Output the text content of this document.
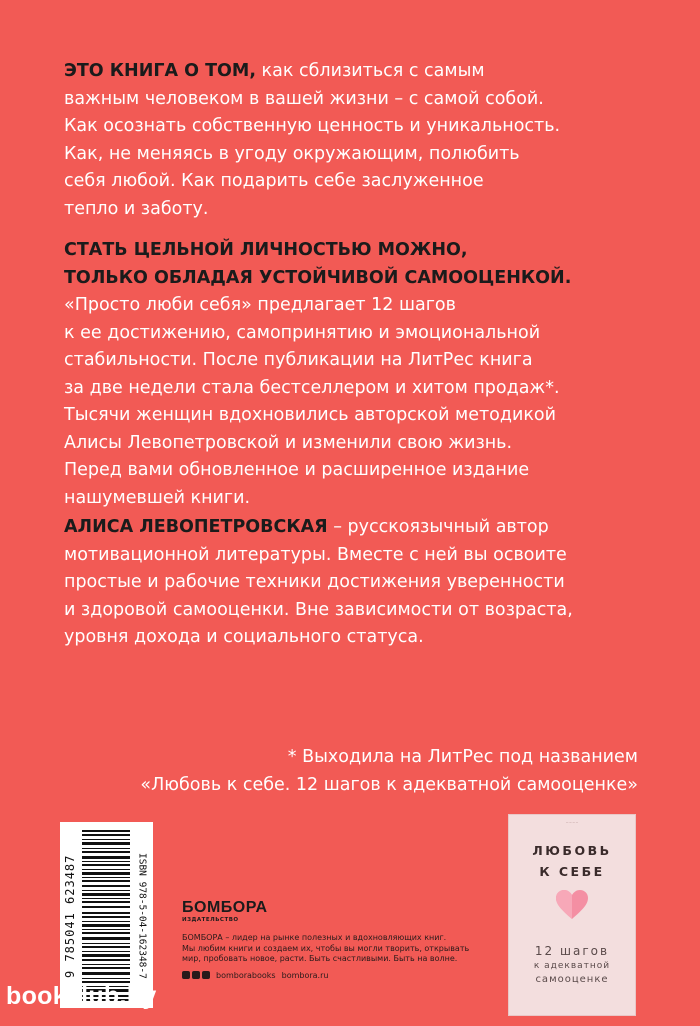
ЭТО КНИГА О ТОМ, как сблизиться с самым
важным человеком в вашей жизни – с самой собой.
Как осознать собственную ценность и уникальность.
Как, не меняясь в угоду окружающим, полюбить
себя любой. Как подарить себе заслуженное
тепло и заботу.
СТАТЬ ЦЕЛЬНОЙ ЛИЧНОСТЬЮ МОЖНО,
ТОЛЬКО ОБЛАДАЯ УСТОЙЧИВОЙ САМООЦЕНКОЙ.
«Просто люби себя» предлагает 12 шагов
к ее достижению, самопринятию и эмоциональной
стабильности. После публикации на ЛитРес книга
за две недели стала бестселлером и хитом продаж*.
Тысячи женщин вдохновились авторской методикой
Алисы Левопетровской и изменили свою жизнь.
Перед вами обновленное и расширенное издание
нашумевшей книги.
АЛИСА ЛЕВОПЕТРОВСКАЯ – русскоязычный автор
мотивационной литературы. Вместе с ней вы освоите
простые и рабочие техники достижения уверенности
и здоровой самооценки. Вне зависимости от возраста,
уровня дохода и социального статуса.
* Выходила на ЛитРес под названием
«Любовь к себе. 12 шагов к адекватной самооценке»
9 785041 623487	ISBN 978-5-04-162348-7 БОМБОРА
ИЗДАТЕЛЬСТВО
БОМБОРА – лидер на рынке полезных и вдохновляющих книг.
Мы любим книги и создаем их, чтобы вы могли творить, открывать
мир, пробовать новое, расти. Быть счастливыми. Быть на волне.
bomborabooks bombora.ru
·········
ЛЮБОВЬ
К СЕБЕ
12 шагов
к адекватной
самооценке
bookclub.by
